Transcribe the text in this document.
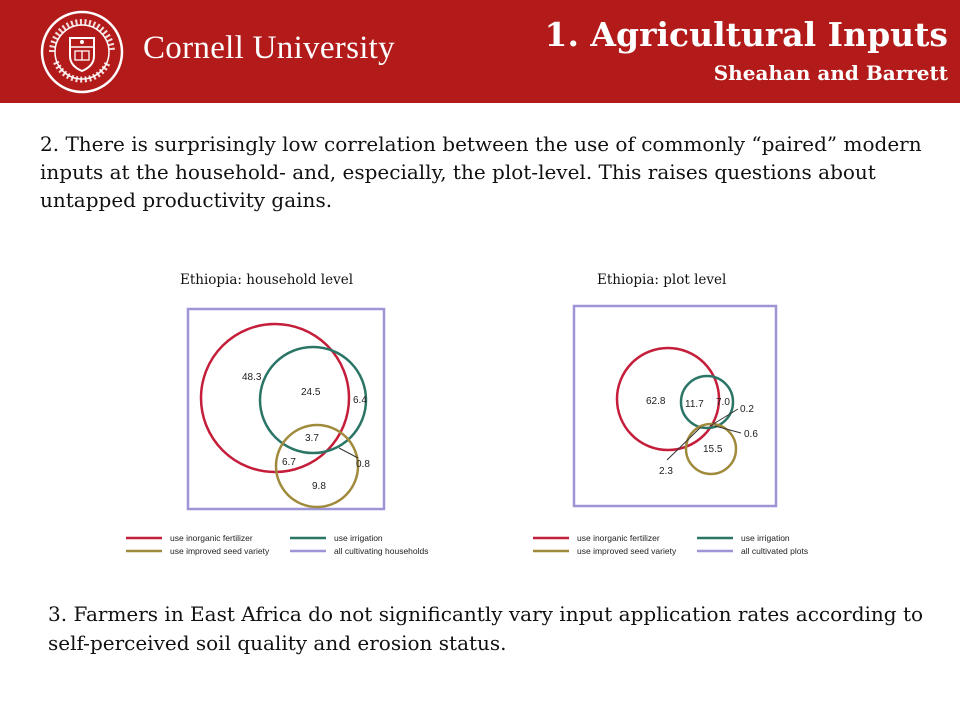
Cornell University	1. Agricultural Inputs
Sheahan and Barrett
2. There is surprisingly low correlation between the use of commonly “paired” modern inputs at the household- and, especially, the plot-level. This raises questions about untapped productivity gains.
Ethiopia: household level
48.3
24.5
6.4
3.7
6.7	0.8
9.8
use inorganic fertilizer
use improved seed variety
use irrigation
all cultivating households
Ethiopia: plot level
62.8 11.7 7.0
0.2
0.6
15.5
2.3
use inorganic fertilizer
use improved seed variety
use irrigation
all cultivated plots
3. Farmers in East Africa do not significantly vary input application rates according to self-perceived soil quality and erosion status.
